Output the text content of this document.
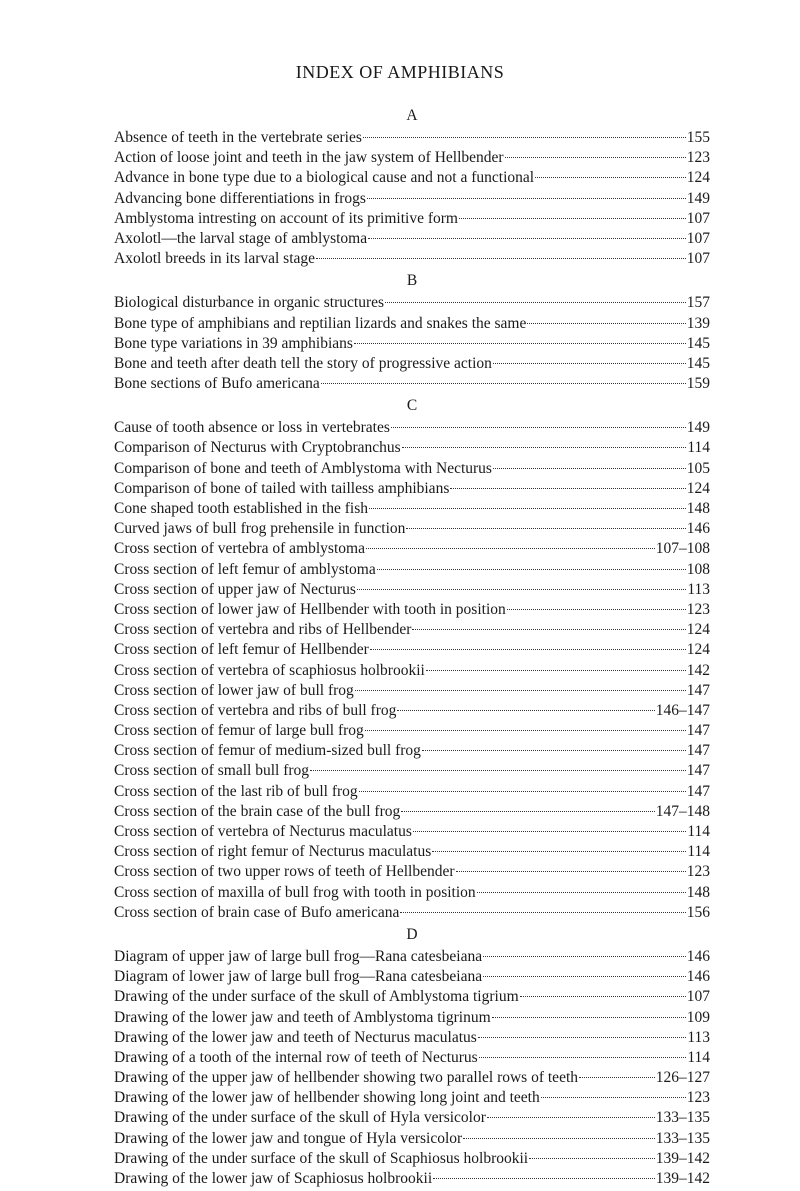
INDEX OF AMPHIBIANS
A
Absence of teeth in the vertebrate series	155
Action of loose joint and teeth in the jaw system of Hellbender	123
Advance in bone type due to a biological cause and not a functional	124
Advancing bone differentiations in frogs	149
Amblystoma intresting on account of its primitive form	107
Axolotl—the larval stage of amblystoma	107
Axolotl breeds in its larval stage	107
B
Biological disturbance in organic structures	157
Bone type of amphibians and reptilian lizards and snakes the same	139
Bone type variations in 39 amphibians	145
Bone and teeth after death tell the story of progressive action	145
Bone sections of Bufo americana	159
C
Cause of tooth absence or loss in vertebrates	149
Comparison of Necturus with Cryptobranchus	114
Comparison of bone and teeth of Amblystoma with Necturus	105
Comparison of bone of tailed with tailless amphibians	124
Cone shaped tooth established in the fish	148
Curved jaws of bull frog prehensile in function	146
Cross section of vertebra of amblystoma	107–108
Cross section of left femur of amblystoma	108
Cross section of upper jaw of Necturus	113
Cross section of lower jaw of Hellbender with tooth in position	123
Cross section of vertebra and ribs of Hellbender	124
Cross section of left femur of Hellbender	124
Cross section of vertebra of scaphiosus holbrookii	142
Cross section of lower jaw of bull frog	147
Cross section of vertebra and ribs of bull frog	146–147
Cross section of femur of large bull frog	147
Cross section of femur of medium-sized bull frog	147
Cross section of small bull frog	147
Cross section of the last rib of bull frog	147
Cross section of the brain case of the bull frog	147–148
Cross section of vertebra of Necturus maculatus	114
Cross section of right femur of Necturus maculatus	114
Cross section of two upper rows of teeth of Hellbender	123
Cross section of maxilla of bull frog with tooth in position	148
Cross section of brain case of Bufo americana	156
D
Diagram of upper jaw of large bull frog—Rana catesbeiana	146
Diagram of lower jaw of large bull frog—Rana catesbeiana	146
Drawing of the under surface of the skull of Amblystoma tigrium	107
Drawing of the lower jaw and teeth of Amblystoma tigrinum	109
Drawing of the lower jaw and teeth of Necturus maculatus	113
Drawing of a tooth of the internal row of teeth of Necturus	114
Drawing of the upper jaw of hellbender showing two parallel rows of teeth	126–127
Drawing of the lower jaw of hellbender showing long joint and teeth	123
Drawing of the under surface of the skull of Hyla versicolor	133–135
Drawing of the lower jaw and tongue of Hyla versicolor	133–135
Drawing of the under surface of the skull of Scaphiosus holbrookii	139–142
Drawing of the lower jaw of Scaphiosus holbrookii	139–142
